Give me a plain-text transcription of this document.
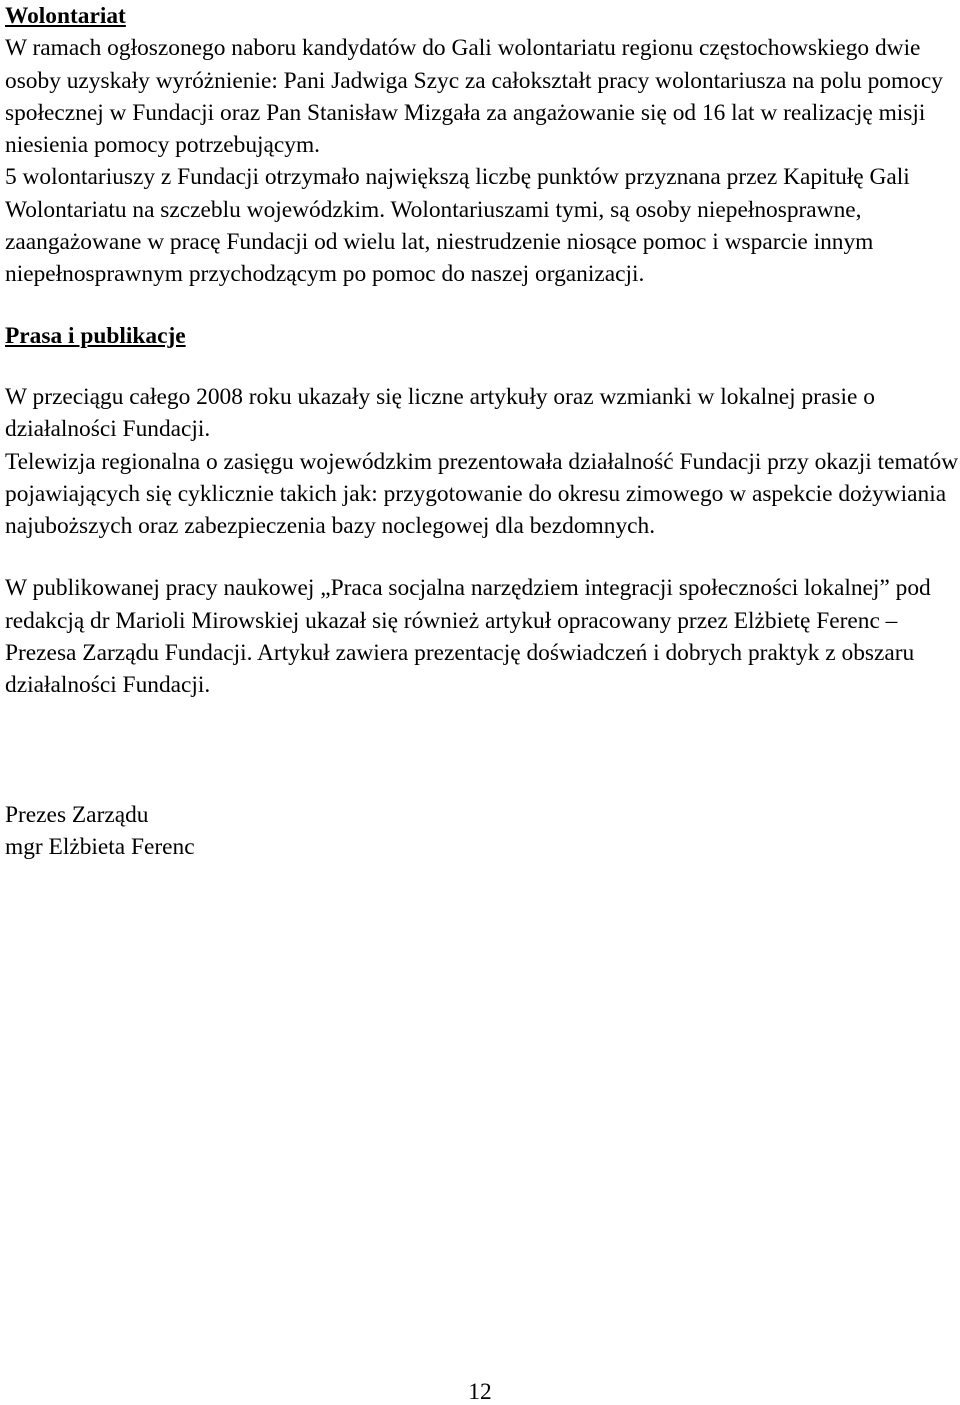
Wolontariat

W ramach ogłoszonego naboru kandydatów do Gali wolontariatu regionu częstochowskiego dwie osoby uzyskały wyróżnienie: Pani Jadwiga Szyc za całokształt pracy wolontariusza na polu pomocy społecznej w Fundacji oraz Pan Stanisław Mizgała za angażowanie się od 16 lat w realizację misji niesienia pomocy potrzebującym.

5 wolontariuszy z Fundacji otrzymało największą liczbę punktów przyznana przez Kapitułę Gali Wolontariatu na szczeblu wojewódzkim. Wolontariuszami tymi, są osoby niepełnosprawne, zaangażowane w pracę Fundacji od wielu lat, niestrudzenie niosące pomoc i wsparcie innym niepełnosprawnym przychodzącym po pomoc do naszej organizacji.

Prasa i publikacje

W przeciągu całego 2008 roku ukazały się liczne artykuły oraz wzmianki w lokalnej prasie o działalności Fundacji.

Telewizja regionalna o zasięgu wojewódzkim prezentowała działalność Fundacji przy okazji tematów pojawiających się cyklicznie takich jak: przygotowanie do okresu zimowego w aspekcie dożywiania najuboższych oraz zabezpieczenia bazy noclegowej dla bezdomnych.

W publikowanej pracy naukowej „Praca socjalna narzędziem integracji społeczności lokalnej” pod redakcją dr Marioli Mirowskiej ukazał się również artykuł opracowany przez Elżbietę Ferenc – Prezesa Zarządu Fundacji. Artykuł zawiera prezentację doświadczeń i dobrych praktyk z obszaru działalności Fundacji.

Prezes Zarządu

mgr Elżbieta Ferenc

12
